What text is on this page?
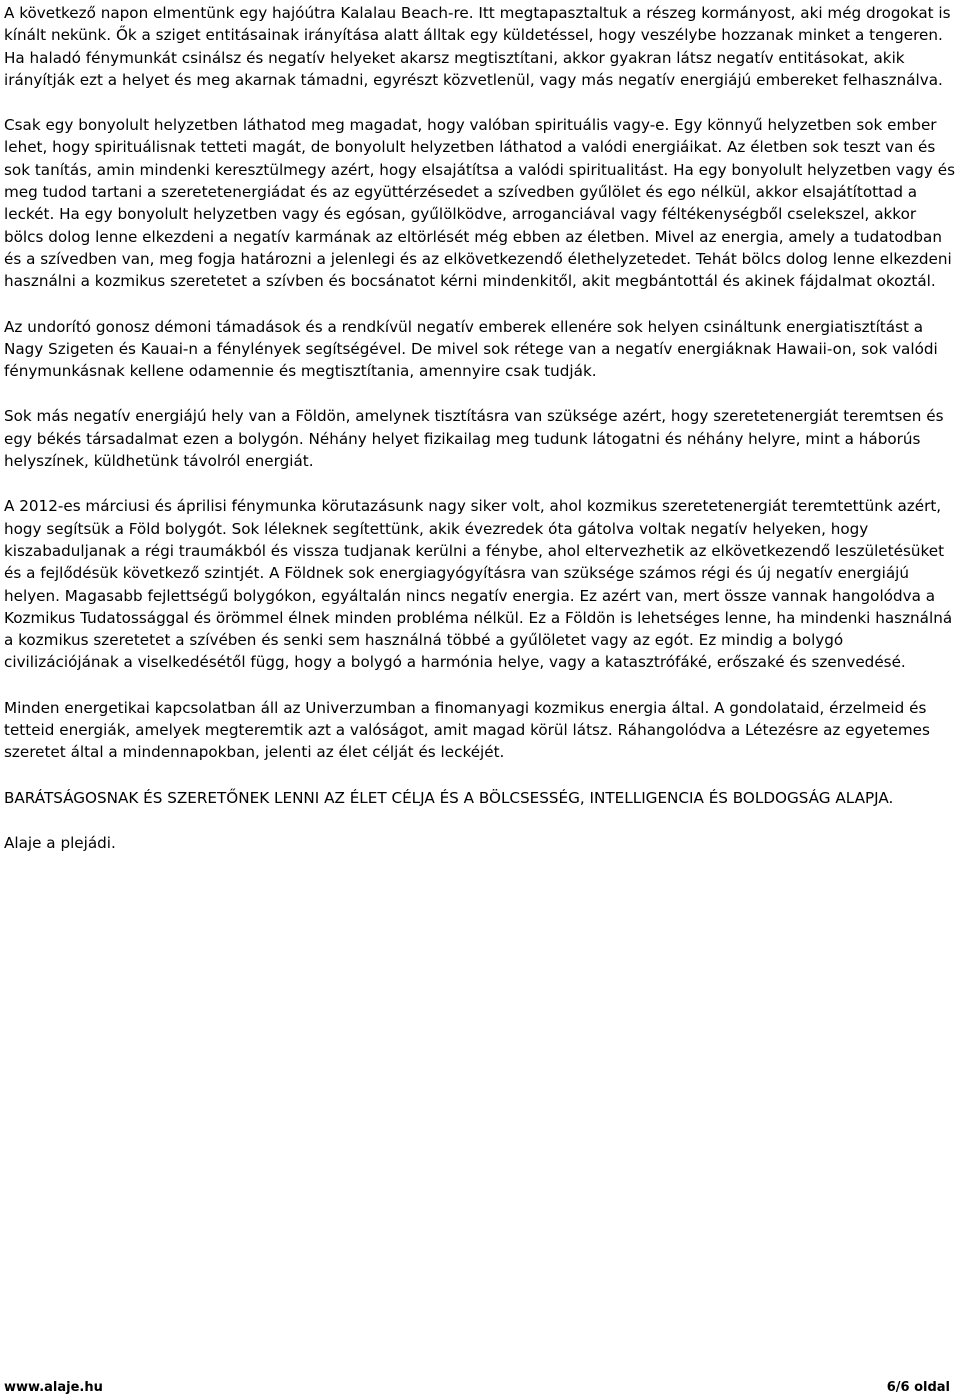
A következő napon elmentünk egy hajóútra Kalalau Beach-re. Itt megtapasztaltuk a részeg kormányost, aki még drogokat is kínált nekünk. Ők a sziget entitásainak irányítása alatt álltak egy küldetéssel, hogy veszélybe hozzanak minket a tengeren. Ha haladó fénymunkát csinálsz és negatív helyeket akarsz megtisztítani, akkor gyakran látsz negatív entitásokat, akik irányítják ezt a helyet és meg akarnak támadni, egyrészt közvetlenül, vagy más negatív energiájú embereket felhasználva.

Csak egy bonyolult helyzetben láthatod meg magadat, hogy valóban spirituális vagy-e. Egy könnyű helyzetben sok ember lehet, hogy spirituálisnak tetteti magát, de bonyolult helyzetben láthatod a valódi energiáikat. Az életben sok teszt van és sok tanítás, amin mindenki keresztülmegy azért, hogy elsajátítsa a valódi spiritualitást. Ha egy bonyolult helyzetben vagy és meg tudod tartani a szeretetenergiádat és az együttérzésedet a szívedben gyűlölet és ego nélkül, akkor elsajátítottad a leckét. Ha egy bonyolult helyzetben vagy és egósan, gyűlölködve, arroganciával vagy féltékenységből cselekszel, akkor bölcs dolog lenne elkezdeni a negatív karmának az eltörlését még ebben az életben. Mivel az energia, amely a tudatodban és a szívedben van, meg fogja határozni a jelenlegi és az elkövetkezendő élethelyzetedet. Tehát bölcs dolog lenne elkezdeni használni a kozmikus szeretetet a szívben és bocsánatot kérni mindenkitől, akit megbántottál és akinek fájdalmat okoztál.

Az undorító gonosz démoni támadások és a rendkívül negatív emberek ellenére sok helyen csináltunk energiatisztítást a Nagy Szigeten és Kauai-n a fénylények segítségével. De mivel sok rétege van a negatív energiáknak Hawaii-on, sok valódi fénymunkásnak kellene odamennie és megtisztítania, amennyire csak tudják.

Sok más negatív energiájú hely van a Földön, amelynek tisztításra van szüksége azért, hogy szeretetenergiát teremtsen és egy békés társadalmat ezen a bolygón. Néhány helyet fizikailag meg tudunk látogatni és néhány helyre, mint a háborús helyszínek, küldhetünk távolról energiát.

A 2012-es márciusi és áprilisi fénymunka körutazásunk nagy siker volt, ahol kozmikus szeretetenergiát teremtettünk azért, hogy segítsük a Föld bolygót. Sok léleknek segítettünk, akik évezredek óta gátolva voltak negatív helyeken, hogy kiszabaduljanak a régi traumákból és vissza tudjanak kerülni a fénybe, ahol eltervezhetik az elkövetkezendő leszületésüket és a fejlődésük következő szintjét. A Földnek sok energiagyógyításra van szüksége számos régi és új negatív energiájú helyen. Magasabb fejlettségű bolygókon, egyáltalán nincs negatív energia. Ez azért van, mert össze vannak hangolódva a Kozmikus Tudatossággal és örömmel élnek minden probléma nélkül. Ez a Földön is lehetséges lenne, ha mindenki használná a kozmikus szeretetet a szívében és senki sem használná többé a gyűlöletet vagy az egót. Ez mindig a bolygó civilizációjának a viselkedésétől függ, hogy a bolygó a harmónia helye, vagy a katasztrófáké, erőszaké és szenvedésé.

Minden energetikai kapcsolatban áll az Univerzumban a finomanyagi kozmikus energia által. A gondolataid, érzelmeid és tetteid energiák, amelyek megteremtik azt a valóságot, amit magad körül látsz. Ráhangolódva a Létezésre az egyetemes szeretet által a mindennapokban, jelenti az élet célját és leckéjét.

BARÁTSÁGOSNAK ÉS SZERETŐNEK LENNI AZ ÉLET CÉLJA ÉS A BÖLCSESSÉG, INTELLIGENCIA ÉS BOLDOGSÁG ALAPJA.

Alaje a plejádi.

www.alaje.hu	6/6 oldal
